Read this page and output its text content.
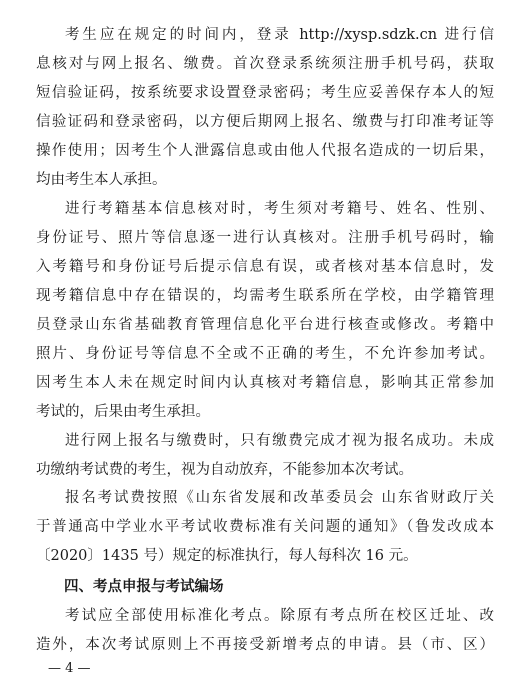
考生应在规定的时间内，登录 http://xysp.sdzk.cn 进行信
息核对与网上报名、缴费。首次登录系统须注册手机号码，获取
短信验证码，按系统要求设置登录密码；考生应妥善保存本人的短
信验证码和登录密码，以方便后期网上报名、缴费与打印准考证等
操作使用；因考生个人泄露信息或由他人代报名造成的一切后果，
均由考生本人承担。
进行考籍基本信息核对时，考生须对考籍号、姓名、性别、
身份证号、照片等信息逐一进行认真核对。注册手机号码时，输
入考籍号和身份证号后提示信息有误，或者核对基本信息时，发
现考籍信息中存在错误的，均需考生联系所在学校，由学籍管理
员登录山东省基础教育管理信息化平台进行核查或修改。考籍中
照片、身份证号等信息不全或不正确的考生，不允许参加考试。
因考生本人未在规定时间内认真核对考籍信息，影响其正常参加
考试的，后果由考生承担。
进行网上报名与缴费时，只有缴费完成才视为报名成功。未成
功缴纳考试费的考生，视为自动放弃，不能参加本次考试。
报名考试费按照《山东省发展和改革委员会 山东省财政厅关
于普通高中学业水平考试收费标准有关问题的通知》（鲁发改成本
〔2020〕1435 号）规定的标准执行，每人每科次 16 元。
四、考点申报与考试编场
考试应全部使用标准化考点。除原有考点所在校区迁址、改
造外，本次考试原则上不再接受新增考点的申请。县（市、区）
— 4 —
